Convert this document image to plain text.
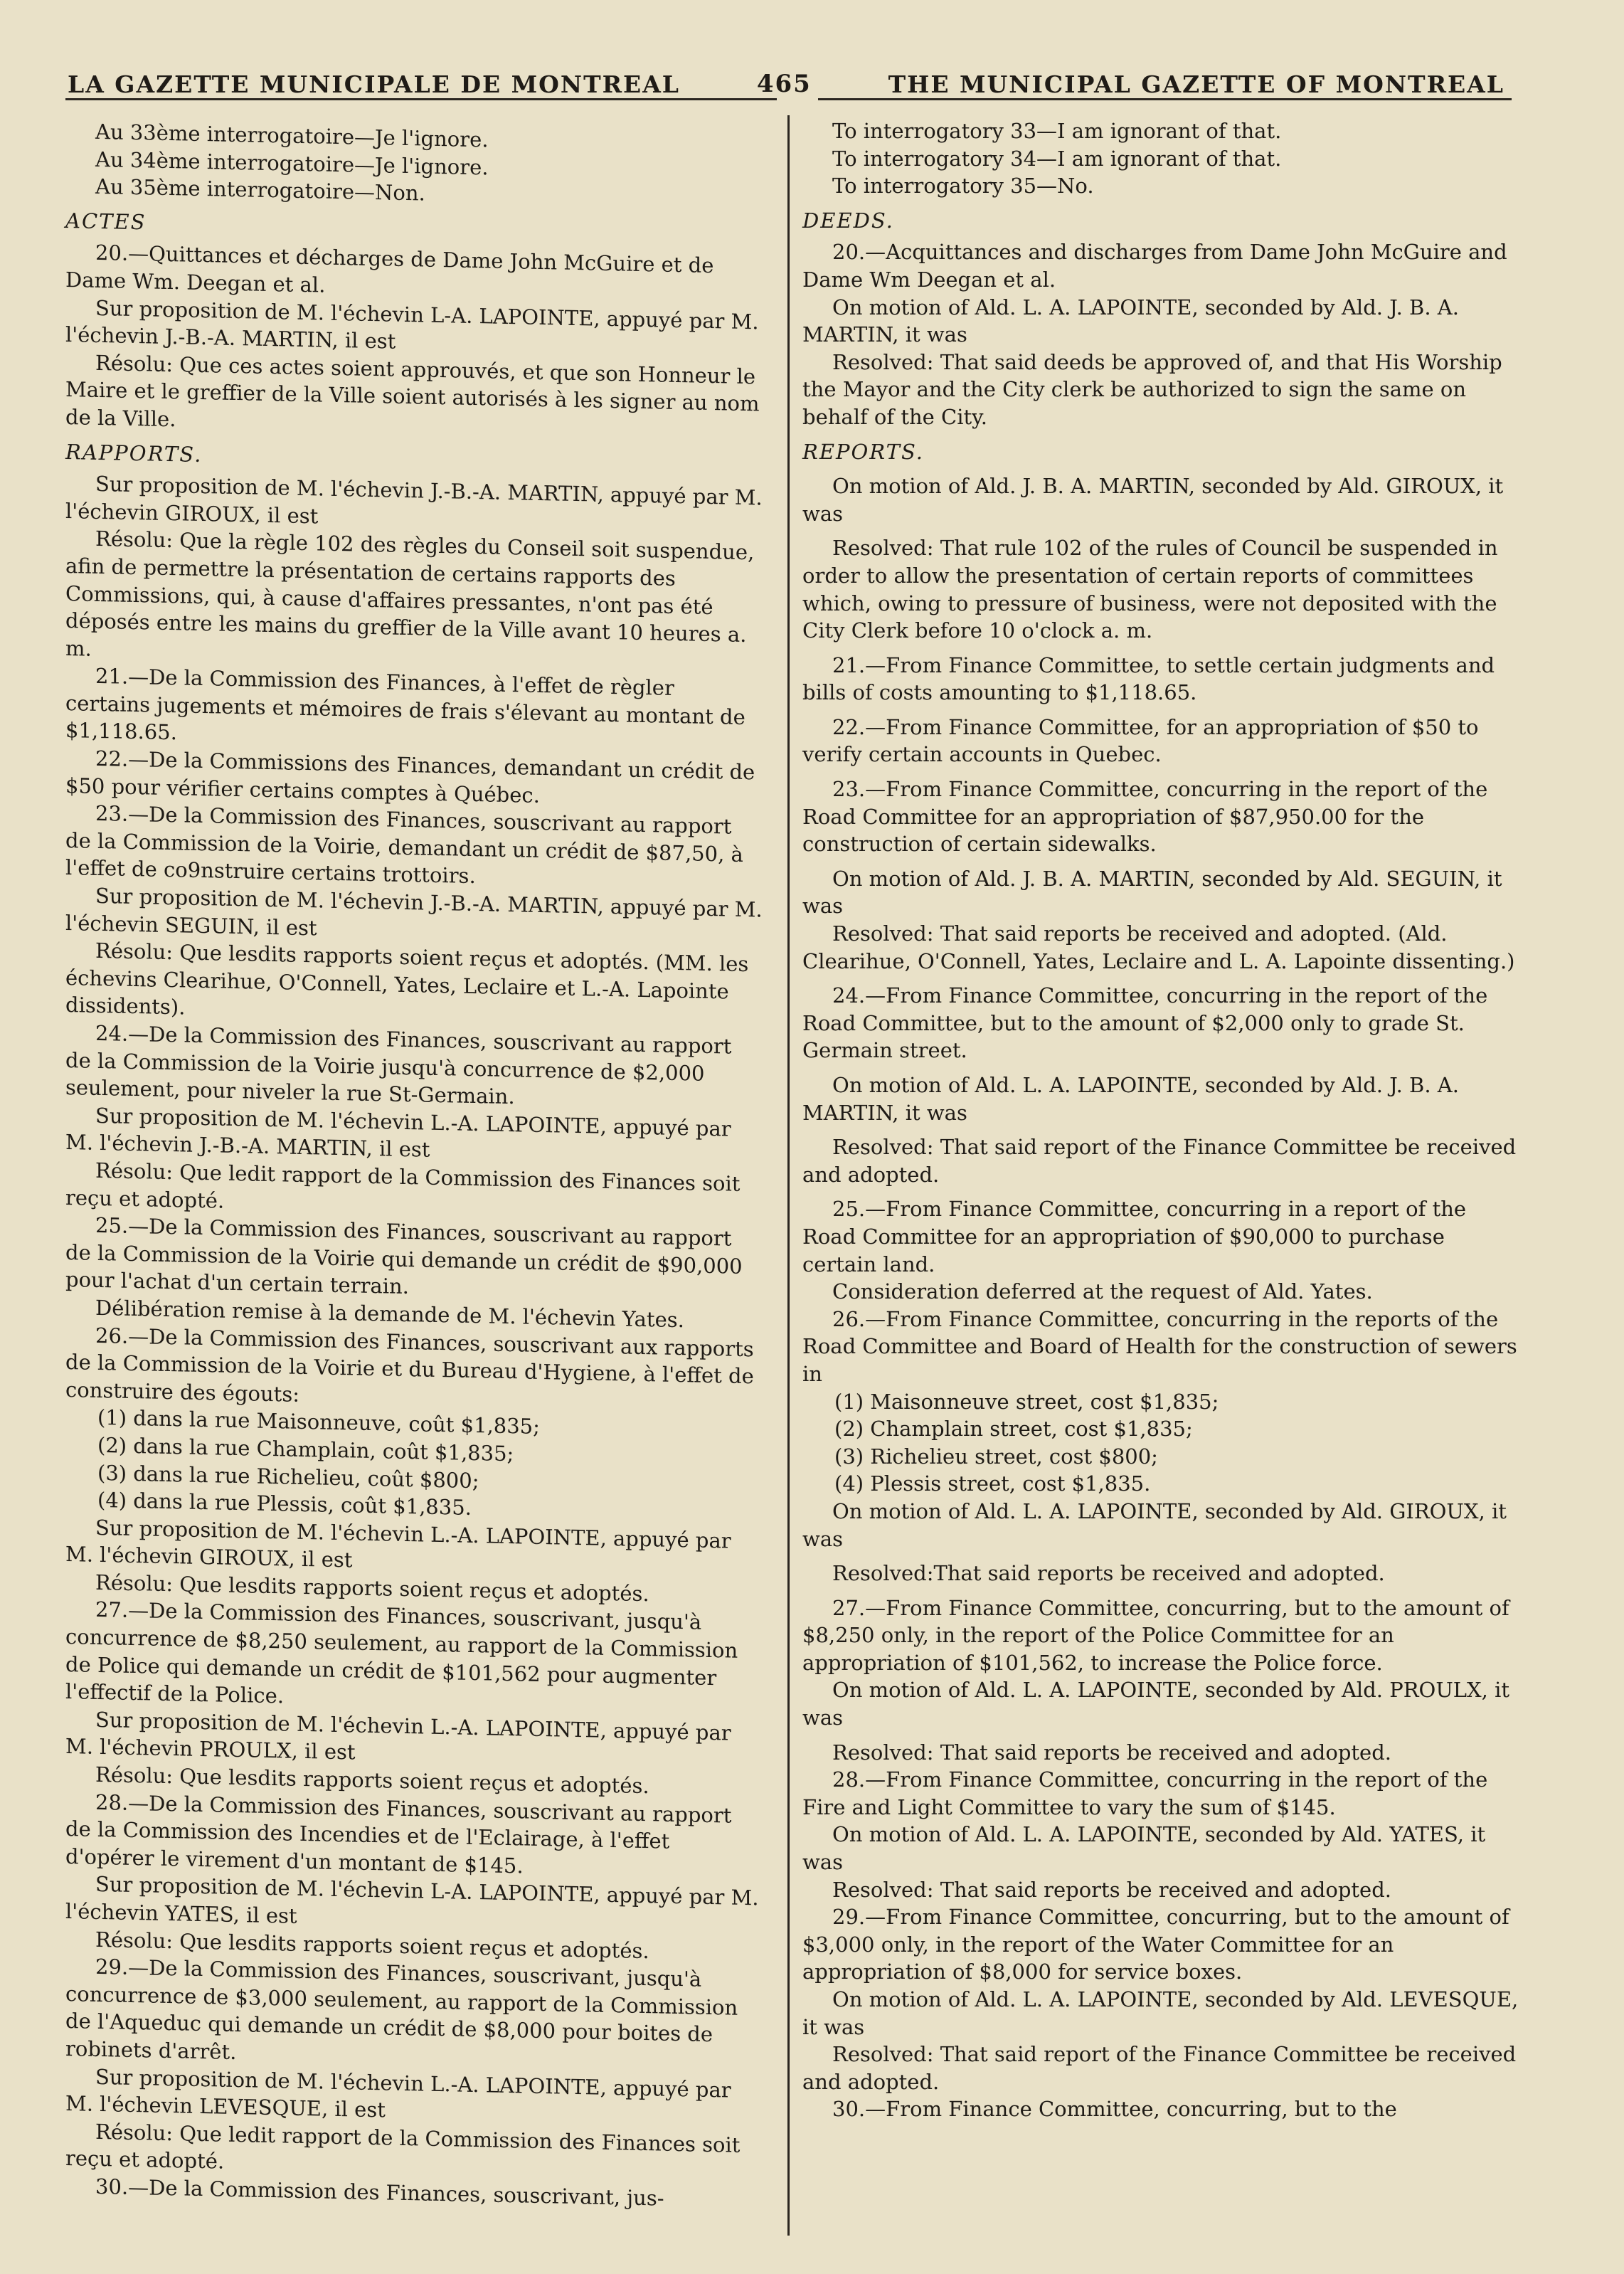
LA GAZETTE MUNICIPALE DE MONTREAL	465	THE MUNICIPAL GAZETTE OF MONTREAL

Au 33ème interrogatoire—Je l'ignore.

Au 34ème interrogatoire—Je l'ignore.

Au 35ème interrogatoire—Non.

ACTES

20.—Quittances et décharges de Dame John McGuire et de Dame Wm. Deegan et al.

Sur proposition de M. l'échevin L-A. LAPOINTE, appuyé par M. l'échevin J.-B.-A. MARTIN, il est

Résolu: Que ces actes soient approuvés, et que son Honneur le Maire et le greffier de la Ville soient autorisés à les signer au nom de la Ville.

RAPPORTS.

Sur proposition de M. l'échevin J.-B.-A. MARTIN, appuyé par M. l'échevin GIROUX, il est

Résolu: Que la règle 102 des règles du Conseil soit suspendue, afin de permettre la présentation de certains rapports des Commissions, qui, à cause d'affaires pressantes, n'ont pas été déposés entre les mains du greffier de la Ville avant 10 heures a. m.

21.—De la Commission des Finances, à l'effet de règler certains jugements et mémoires de frais s'élevant au montant de $1,118.65.

22.—De la Commissions des Finances, demandant un crédit de $50 pour vérifier certains comptes à Québec.

23.—De la Commission des Finances, souscrivant au rapport de la Commission de la Voirie, demandant un crédit de $87,50, à l'effet de co9nstruire certains trottoirs.

Sur proposition de M. l'échevin J.-B.-A. MARTIN, appuyé par M. l'échevin SEGUIN, il est

Résolu: Que lesdits rapports soient reçus et adoptés. (MM. les échevins Clearihue, O'Connell, Yates, Leclaire et L.-A. Lapointe dissidents).

24.—De la Commission des Finances, souscrivant au rapport de la Commission de la Voirie jusqu'à concurrence de $2,000 seulement, pour niveler la rue St-Germain.

Sur proposition de M. l'échevin L.-A. LAPOINTE, appuyé par M. l'échevin J.-B.-A. MARTIN, il est

Résolu: Que ledit rapport de la Commission des Finances soit reçu et adopté.

25.—De la Commission des Finances, souscrivant au rapport de la Commission de la Voirie qui demande un crédit de $90,000 pour l'achat d'un certain terrain.

Délibération remise à la demande de M. l'échevin Yates.

26.—De la Commission des Finances, souscrivant aux rapports de la Commission de la Voirie et du Bureau d'Hygiene, à l'effet de construire des égouts:

(1) dans la rue Maisonneuve, coût $1,835;

(2) dans la rue Champlain, coût $1,835;

(3) dans la rue Richelieu, coût $800;

(4) dans la rue Plessis, coût $1,835.

Sur proposition de M. l'échevin L.-A. LAPOINTE, appuyé par M. l'échevin GIROUX, il est

Résolu: Que lesdits rapports soient reçus et adoptés.

27.—De la Commission des Finances, souscrivant, jusqu'à concurrence de $8,250 seulement, au rapport de la Commission de Police qui demande un crédit de $101,562 pour augmenter l'effectif de la Police.

Sur proposition de M. l'échevin L.-A. LAPOINTE, appuyé par M. l'échevin PROULX, il est

Résolu: Que lesdits rapports soient reçus et adoptés.

28.—De la Commission des Finances, souscrivant au rapport de la Commission des Incendies et de l'Eclairage, à l'effet d'opérer le virement d'un montant de $145.

Sur proposition de M. l'échevin L-A. LAPOINTE, appuyé par M. l'échevin YATES, il est

Résolu: Que lesdits rapports soient reçus et adoptés.

29.—De la Commission des Finances, souscrivant, jusqu'à concurrence de $3,000 seulement, au rapport de la Commission de l'Aqueduc qui demande un crédit de $8,000 pour boites de robinets d'arrêt.

Sur proposition de M. l'échevin L.-A. LAPOINTE, appuyé par M. l'échevin LEVESQUE, il est

Résolu: Que ledit rapport de la Commission des Finances soit reçu et adopté.

30.—De la Commission des Finances, souscrivant, jus-

To interrogatory 33—I am ignorant of that.

To interrogatory 34—I am ignorant of that.

To interrogatory 35—No.

DEEDS.

20.—Acquittances and discharges from Dame John McGuire and Dame Wm Deegan et al.

On motion of Ald. L. A. LAPOINTE, seconded by Ald. J. B. A. MARTIN, it was

Resolved: That said deeds be approved of, and that His Worship the Mayor and the City clerk be authorized to sign the same on behalf of the City.

REPORTS.

On motion of Ald. J. B. A. MARTIN, seconded by Ald. GIROUX, it was

Resolved: That rule 102 of the rules of Council be suspended in order to allow the presentation of certain reports of committees which, owing to pressure of business, were not deposited with the City Clerk before 10 o'clock a. m.

21.—From Finance Committee, to settle certain judgments and bills of costs amounting to $1,118.65.

22.—From Finance Committee, for an appropriation of $50 to verify certain accounts in Quebec.

23.—From Finance Committee, concurring in the report of the Road Committee for an appropriation of $87,950.00 for the construction of certain sidewalks.

On motion of Ald. J. B. A. MARTIN, seconded by Ald. SEGUIN, it was

Resolved: That said reports be received and adopted. (Ald. Clearihue, O'Connell, Yates, Leclaire and L. A. Lapointe dissenting.)

24.—From Finance Committee, concurring in the report of the Road Committee, but to the amount of $2,000 only to grade St. Germain street.

On motion of Ald. L. A. LAPOINTE, seconded by Ald. J. B. A. MARTIN, it was

Resolved: That said report of the Finance Committee be received and adopted.

25.—From Finance Committee, concurring in a report of the Road Committee for an appropriation of $90,000 to purchase certain land.

Consideration deferred at the request of Ald. Yates.

26.—From Finance Committee, concurring in the reports of the Road Committee and Board of Health for the construction of sewers in

(1) Maisonneuve street, cost $1,835;

(2) Champlain street, cost $1,835;

(3) Richelieu street, cost $800;

(4) Plessis street, cost $1,835.

On motion of Ald. L. A. LAPOINTE, seconded by Ald. GIROUX, it was

Resolved:That said reports be received and adopted.

27.—From Finance Committee, concurring, but to the amount of $8,250 only, in the report of the Police Committee for an appropriation of $101,562, to increase the Police force.

On motion of Ald. L. A. LAPOINTE, seconded by Ald. PROULX, it was

Resolved: That said reports be received and adopted.

28.—From Finance Committee, concurring in the report of the Fire and Light Committee to vary the sum of $145.

On motion of Ald. L. A. LAPOINTE, seconded by Ald. YATES, it was

Resolved: That said reports be received and adopted.

29.—From Finance Committee, concurring, but to the amount of $3,000 only, in the report of the Water Committee for an appropriation of $8,000 for service boxes.

On motion of Ald. L. A. LAPOINTE, seconded by Ald. LEVESQUE, it was

Resolved: That said report of the Finance Committee be received and adopted.

30.—From Finance Committee, concurring, but to the
